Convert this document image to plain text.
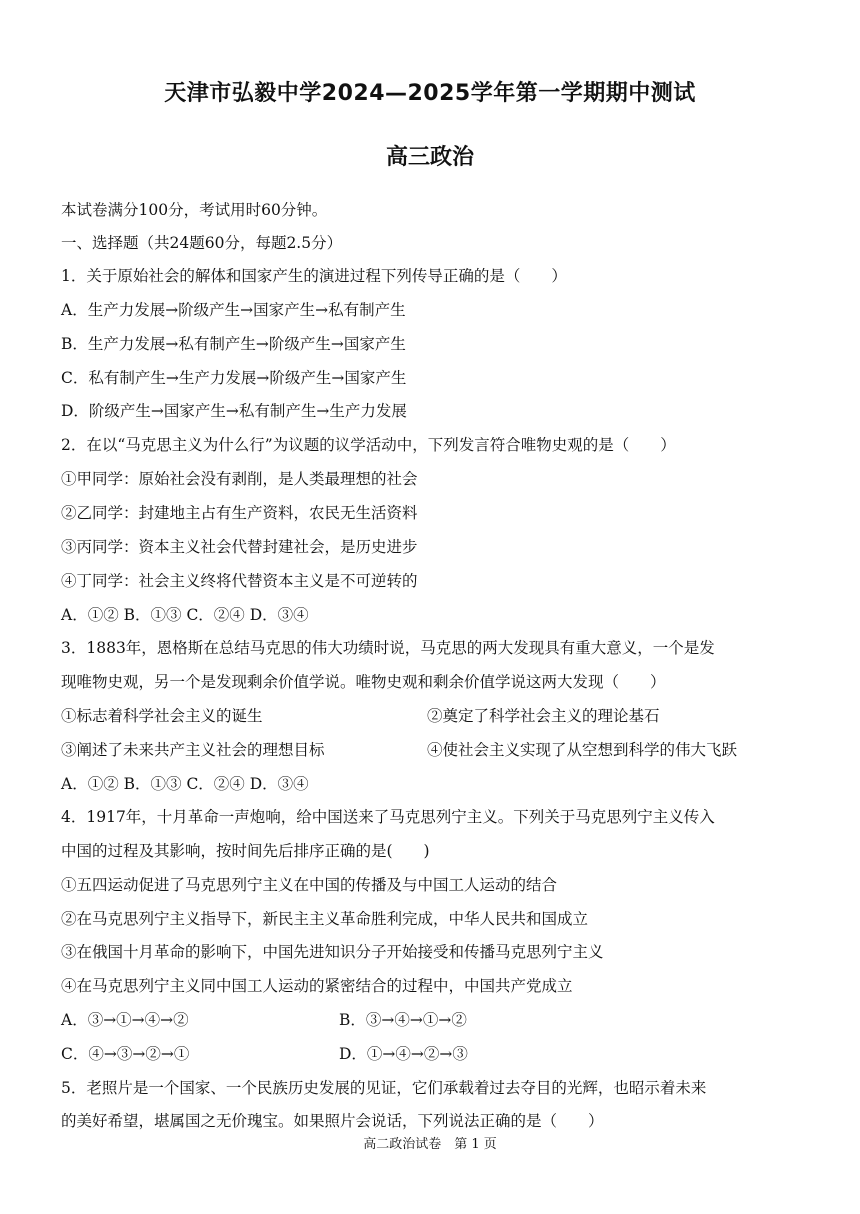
天津市弘毅中学2024—2025学年第一学期期中测试
高三政治
本试卷满分100分，考试用时60分钟。
一、选择题（共24题60分，每题2.5分）
1．关于原始社会的解体和国家产生的演进过程下列传导正确的是（　　）
A．生产力发展→阶级产生→国家产生→私有制产生
B．生产力发展→私有制产生→阶级产生→国家产生
C．私有制产生→生产力发展→阶级产生→国家产生
D．阶级产生→国家产生→私有制产生→生产力发展
2．在以“马克思主义为什么行”为议题的议学活动中，下列发言符合唯物史观的是（　　）
①甲同学：原始社会没有剥削，是人类最理想的社会
②乙同学：封建地主占有生产资料，农民无生活资料
③丙同学：资本主义社会代替封建社会，是历史进步
④丁同学：社会主义终将代替资本主义是不可逆转的
A．①② B．①③ C．②④ D．③④
3．1883年，恩格斯在总结马克思的伟大功绩时说，马克思的两大发现具有重大意义，一个是发
现唯物史观，另一个是发现剩余价值学说。唯物史观和剩余价值学说这两大发现（　　）
①标志着科学社会主义的诞生	②奠定了科学社会主义的理论基石
③阐述了未来共产主义社会的理想目标	④使社会主义实现了从空想到科学的伟大飞跃
A．①② B．①③ C．②④ D．③④
4．1917年，十月革命一声炮响，给中国送来了马克思列宁主义。下列关于马克思列宁主义传入
中国的过程及其影响，按时间先后排序正确的是(　　)
①五四运动促进了马克思列宁主义在中国的传播及与中国工人运动的结合
②在马克思列宁主义指导下，新民主主义革命胜利完成，中华人民共和国成立
③在俄国十月革命的影响下，中国先进知识分子开始接受和传播马克思列宁主义
④在马克思列宁主义同中国工人运动的紧密结合的过程中，中国共产党成立
A．③→①→④→②	B．③→④→①→②
C．④→③→②→①	D．①→④→②→③
5．老照片是一个国家、一个民族历史发展的见证，它们承载着过去夺目的光辉，也昭示着未来
的美好希望，堪属国之无价瑰宝。如果照片会说话，下列说法正确的是（　　）
高二政治试卷　第 1 页
